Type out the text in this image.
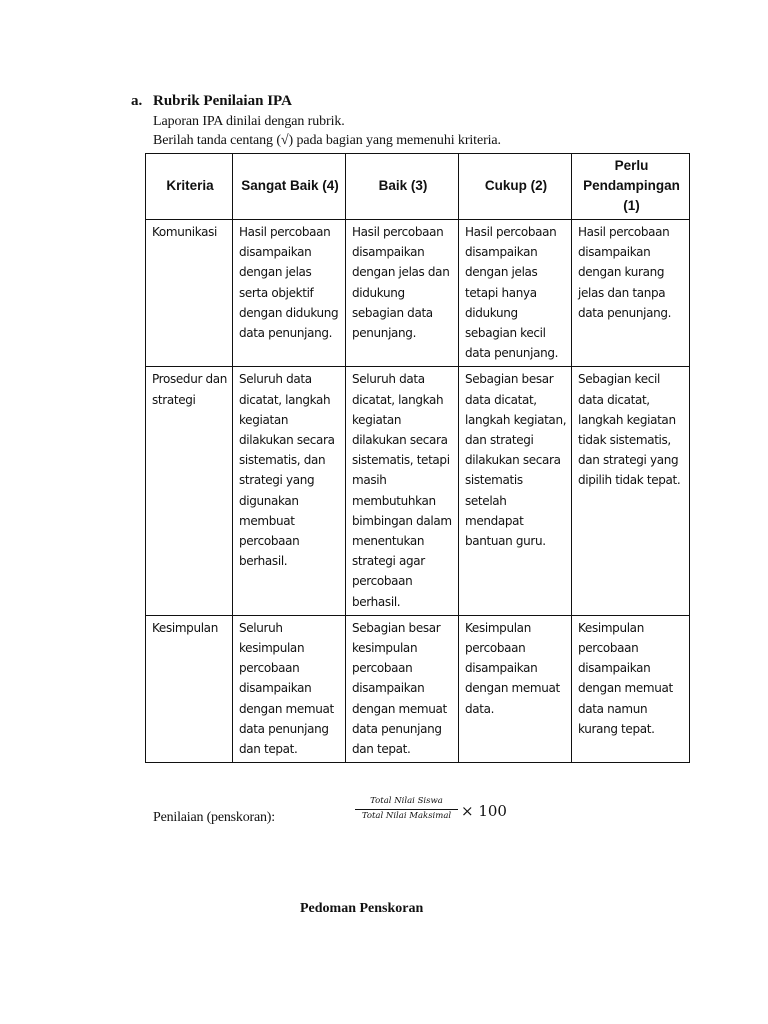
a. Rubrik Penilaian IPA
Laporan IPA dinilai dengan rubrik.
Berilah tanda centang (√) pada bagian yang memenuhi kriteria.
Kriteria	Sangat Baik (4)	Baik (3)	Cukup (2)	Perlu Pendampingan (1)
Komunikasi	Hasil percobaan disampaikan dengan jelas serta objektif dengan didukung data penunjang.	Hasil percobaan disampaikan dengan jelas dan didukung sebagian data penunjang.	Hasil percobaan disampaikan dengan jelas tetapi hanya didukung sebagian kecil data penunjang.	Hasil percobaan disampaikan dengan kurang jelas dan tanpa data penunjang.
Prosedur dan strategi	Seluruh data dicatat, langkah kegiatan dilakukan secara sistematis, dan strategi yang digunakan membuat percobaan berhasil.	Seluruh data dicatat, langkah kegiatan dilakukan secara sistematis, tetapi masih membutuhkan bimbingan dalam menentukan strategi agar percobaan berhasil.	Sebagian besar data dicatat, langkah kegiatan, dan strategi dilakukan secara sistematis setelah mendapat bantuan guru.	Sebagian kecil data dicatat, langkah kegiatan tidak sistematis, dan strategi yang dipilih tidak tepat.
Kesimpulan	Seluruh kesimpulan percobaan disampaikan dengan memuat data penunjang dan tepat.	Sebagian besar kesimpulan percobaan disampaikan dengan memuat data penunjang dan tepat.	Kesimpulan percobaan disampaikan dengan memuat data.	Kesimpulan percobaan disampaikan dengan memuat data namun kurang tepat.
Penilaian (penskoran):
Total Nilai Siswa
Total Nilai Maksimal × 100
Pedoman Penskoran
